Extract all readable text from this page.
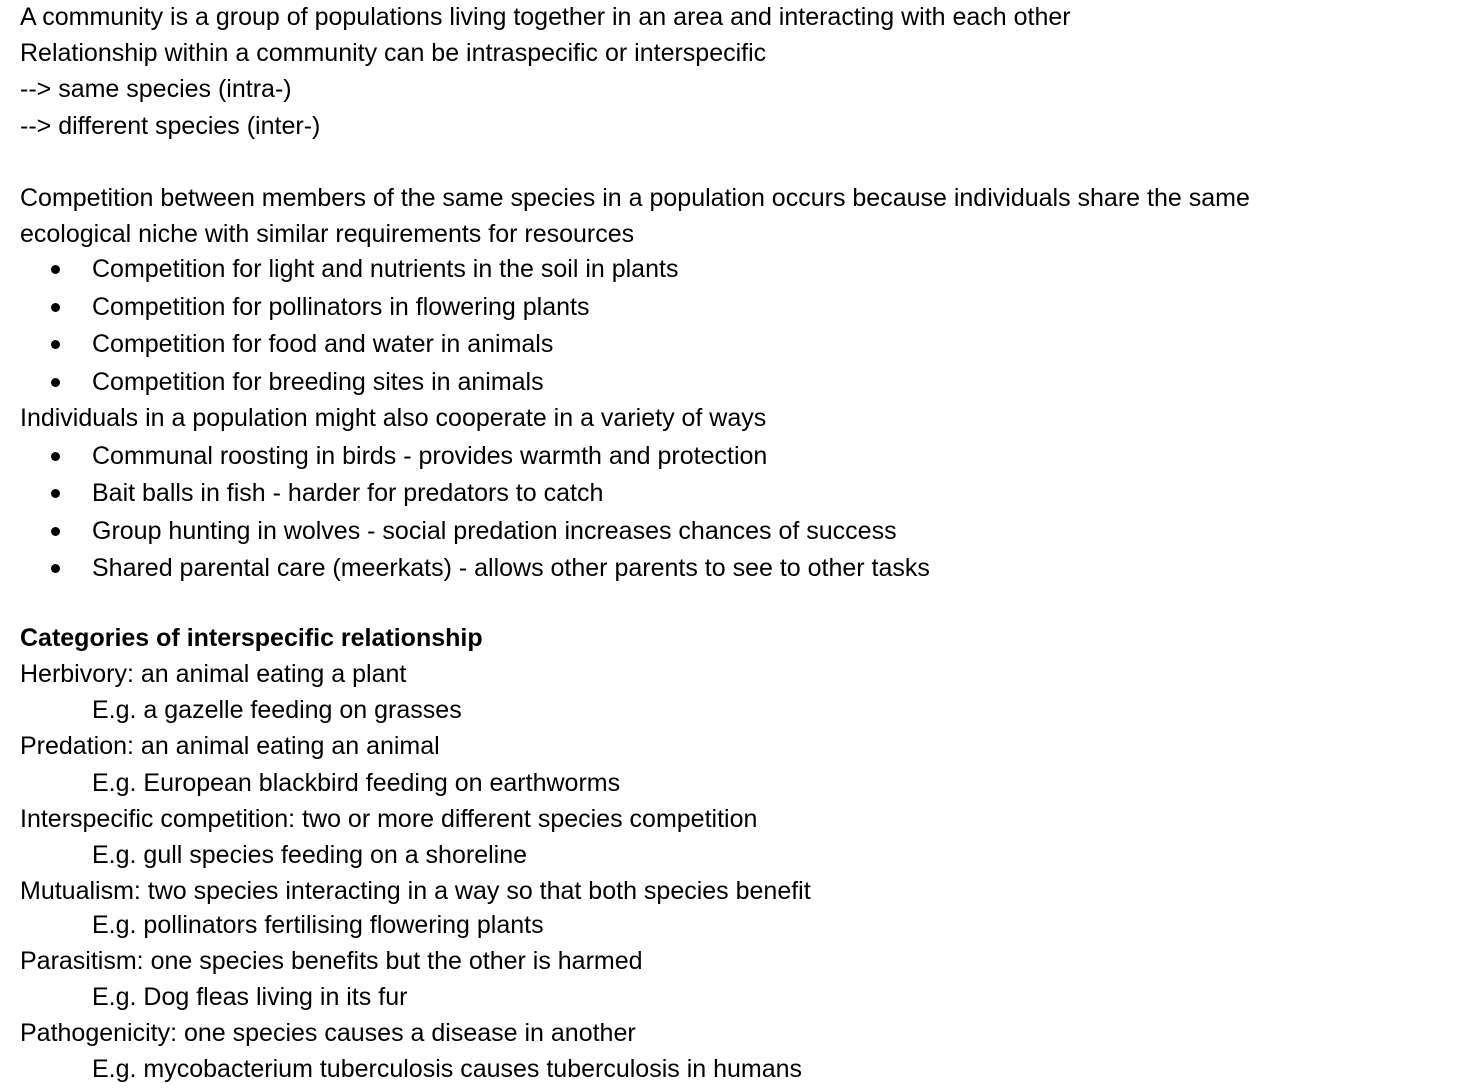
A community is a group of populations living together in an area and interacting with each other
Relationship within a community can be intraspecific or interspecific
--> same species (intra-)
--> different species (inter-)
Competition between members of the same species in a population occurs because individuals share the same
ecological niche with similar requirements for resources
Competition for light and nutrients in the soil in plants
Competition for pollinators in flowering plants
Competition for food and water in animals
Competition for breeding sites in animals
Individuals in a population might also cooperate in a variety of ways
Communal roosting in birds - provides warmth and protection
Bait balls in fish - harder for predators to catch
Group hunting in wolves - social predation increases chances of success
Shared parental care (meerkats) - allows other parents to see to other tasks
Categories of interspecific relationship
Herbivory: an animal eating a plant
E.g. a gazelle feeding on grasses
Predation: an animal eating an animal
E.g. European blackbird feeding on earthworms
Interspecific competition: two or more different species competition
E.g. gull species feeding on a shoreline
Mutualism: two species interacting in a way so that both species benefit
E.g. pollinators fertilising flowering plants
Parasitism: one species benefits but the other is harmed
E.g. Dog fleas living in its fur
Pathogenicity: one species causes a disease in another
E.g. mycobacterium tuberculosis causes tuberculosis in humans
